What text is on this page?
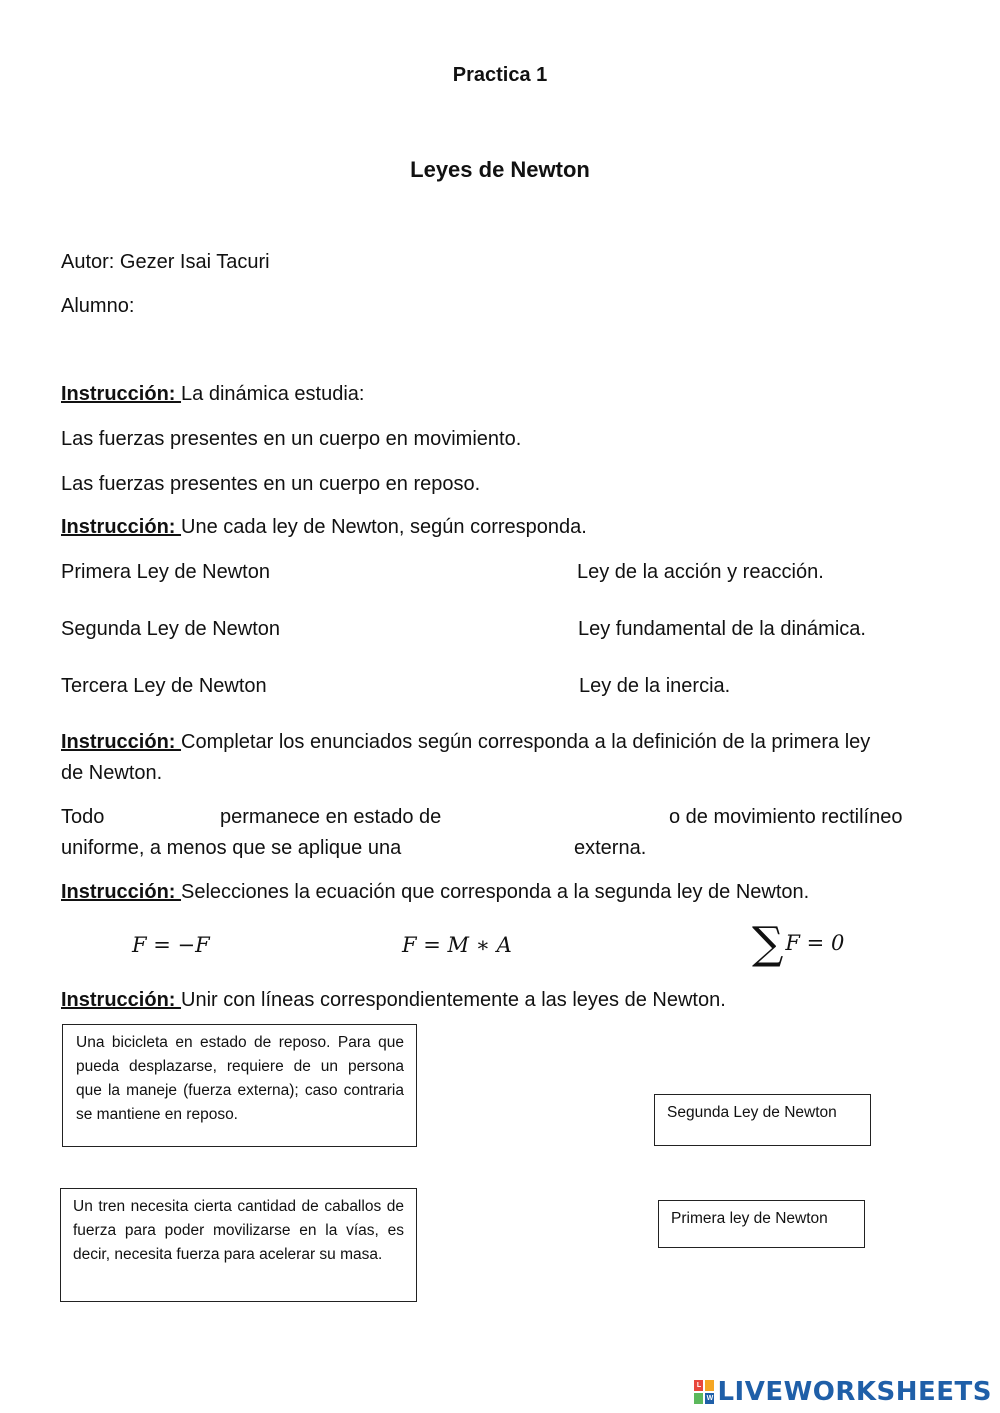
Practica 1
Leyes de Newton
Autor: Gezer Isai Tacuri
Alumno:
Instrucción: La dinámica estudia:
Las fuerzas presentes en un cuerpo en movimiento.
Las fuerzas presentes en un cuerpo en reposo.
Instrucción: Une cada ley de Newton, según corresponda.
Primera Ley de Newton	Ley de la acción y reacción.
Segunda Ley de Newton	Ley fundamental de la dinámica.
Tercera Ley de Newton	Ley de la inercia.
Instrucción: Completar los enunciados según corresponda a la definición de la primera ley
de Newton.
Todo	permanece en estado de	o de movimiento rectilíneo
uniforme, a menos que se aplique una	externa.
Instrucción: Selecciones la ecuación que corresponda a la segunda ley de Newton.
F = −F	F = M ∗ A	∑F = 0
Instrucción: Unir con líneas correspondientemente a las leyes de Newton.
Una bicicleta en estado de reposo. Para que pueda desplazarse, requiere de un persona que la maneje (fuerza externa); caso contraria se mantiene en reposo.
Un tren necesita cierta cantidad de caballos de fuerza para poder movilizarse en la vías, es decir, necesita fuerza para acelerar su masa.
Segunda Ley de Newton
Primera ley de Newton
L
W LIVEWORKSHEETS
